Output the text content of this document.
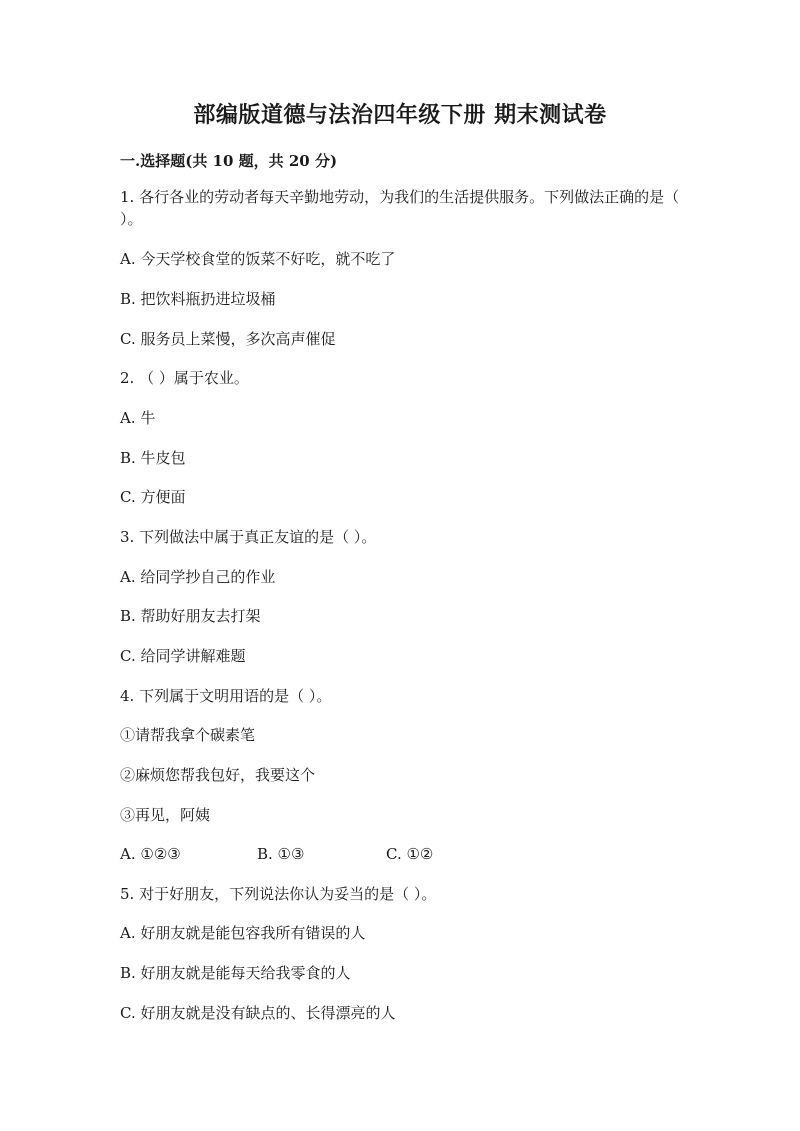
部编版道德与法治四年级下册 期末测试卷
一.选择题(共 10 题，共 20 分)
1. 各行各业的劳动者每天辛勤地劳动，为我们的生活提供服务。下列做法正确的是（ ）。
A. 今天学校食堂的饭菜不好吃，就不吃了
B. 把饮料瓶扔进垃圾桶
C. 服务员上菜慢，多次高声催促
2. （ ）属于农业。
A. 牛
B. 牛皮包
C. 方便面
3. 下列做法中属于真正友谊的是（ ）。
A. 给同学抄自己的作业
B. 帮助好朋友去打架
C. 给同学讲解难题
4. 下列属于文明用语的是（ ）。
①请帮我拿个碳素笔
②麻烦您帮我包好，我要这个
③再见，阿姨
A. ①②③	B. ①③	C. ①②
5. 对于好朋友，下列说法你认为妥当的是（ ）。
A. 好朋友就是能包容我所有错误的人
B. 好朋友就是能每天给我零食的人
C. 好朋友就是没有缺点的、长得漂亮的人
